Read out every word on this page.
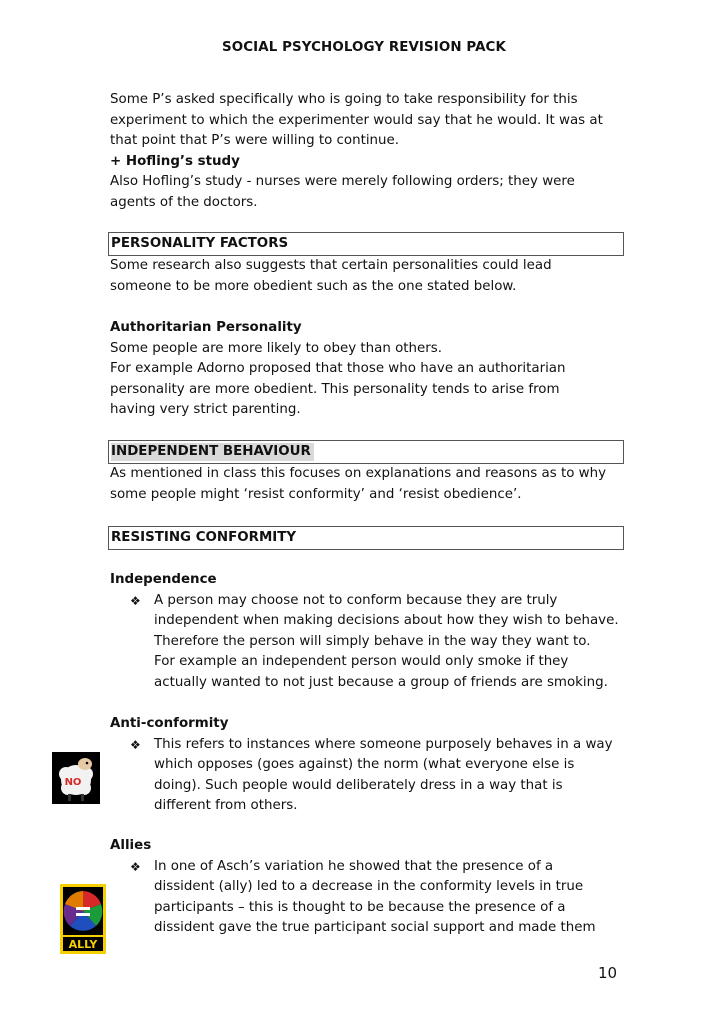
SOCIAL PSYCHOLOGY REVISION PACK
Some P’s asked specifically who is going to take responsibility for this
experiment to which the experimenter would say that he would. It was at
that point that P’s were willing to continue.
+ Hofling’s study
Also Hofling’s study - nurses were merely following orders; they were
agents of the doctors.
PERSONALITY FACTORS
Some research also suggests that certain personalities could lead
someone to be more obedient such as the one stated below.
Authoritarian Personality
Some people are more likely to obey than others.
For example Adorno proposed that those who have an authoritarian
personality are more obedient. This personality tends to arise from
having very strict parenting.
INDEPENDENT BEHAVIOUR
As mentioned in class this focuses on explanations and reasons as to why
some people might ‘resist conformity’ and ‘resist obedience’.
RESISTING CONFORMITY
Independence
❖ A person may choose not to conform because they are truly
independent when making decisions about how they wish to behave.
Therefore the person will simply behave in the way they want to.
For example an independent person would only smoke if they
actually wanted to not just because a group of friends are smoking.
Anti-conformity
❖ This refers to instances where someone purposely behaves in a way
which opposes (goes against) the norm (what everyone else is
doing). Such people would deliberately dress in a way that is
different from others.
NO
Allies
❖ In one of Asch’s variation he showed that the presence of a
dissident (ally) led to a decrease in the conformity levels in true
participants – this is thought to be because the presence of a
dissident gave the true participant social support and made them
ALLY
10
